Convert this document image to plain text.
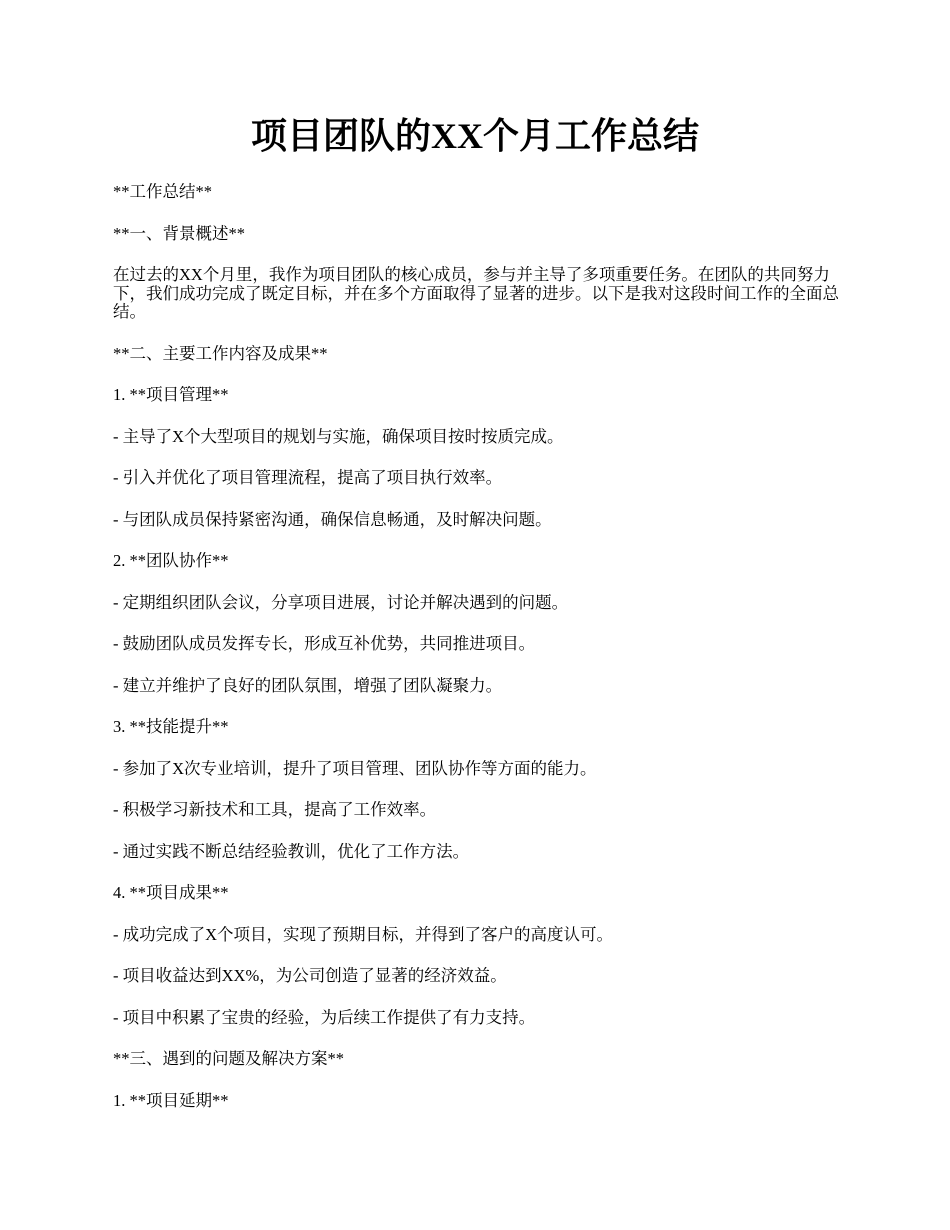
项目团队的XX个月工作总结

**工作总结**

**一、背景概述**

在过去的XX个月里，我作为项目团队的核心成员，参与并主导了多项重要任务。在团队的共同努力下，我们成功完成了既定目标，并在多个方面取得了显著的进步。以下是我对这段时间工作的全面总结。

**二、主要工作内容及成果**

1. **项目管理**

- 主导了X个大型项目的规划与实施，确保项目按时按质完成。

- 引入并优化了项目管理流程，提高了项目执行效率。

- 与团队成员保持紧密沟通，确保信息畅通，及时解决问题。

2. **团队协作**

- 定期组织团队会议，分享项目进展，讨论并解决遇到的问题。

- 鼓励团队成员发挥专长，形成互补优势，共同推进项目。

- 建立并维护了良好的团队氛围，增强了团队凝聚力。

3. **技能提升**

- 参加了X次专业培训，提升了项目管理、团队协作等方面的能力。

- 积极学习新技术和工具，提高了工作效率。

- 通过实践不断总结经验教训，优化了工作方法。

4. **项目成果**

- 成功完成了X个项目，实现了预期目标，并得到了客户的高度认可。

- 项目收益达到XX%，为公司创造了显著的经济效益。

- 项目中积累了宝贵的经验，为后续工作提供了有力支持。

**三、遇到的问题及解决方案**

1. **项目延期**
